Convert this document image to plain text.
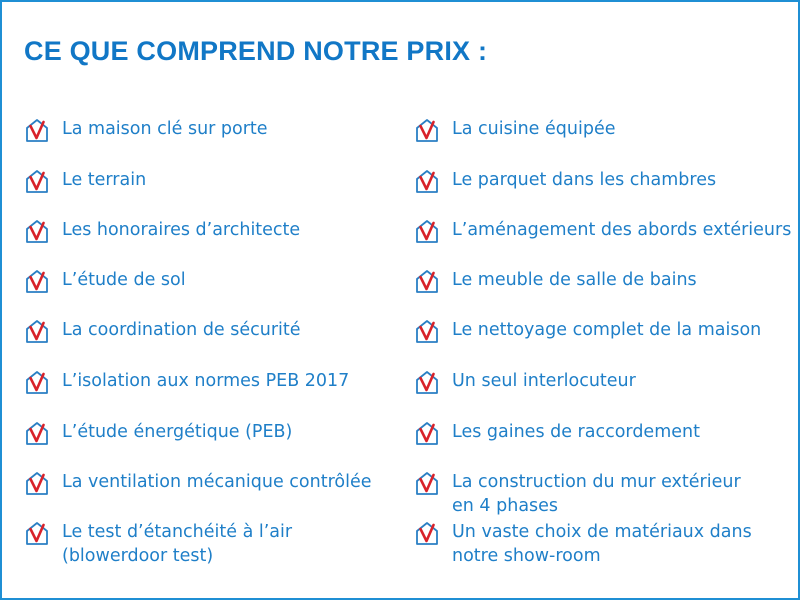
CE QUE COMPREND NOTRE PRIX :
La maison clé sur porte
Le terrain
Les honoraires d’architecte
L’étude de sol
La coordination de sécurité
L’isolation aux normes PEB 2017
L’étude énergétique (PEB)
La ventilation mécanique contrôlée
Le test d’étanchéité à l’air
(blowerdoor test)
La cuisine équipée
Le parquet dans les chambres
L’aménagement des abords extérieurs
Le meuble de salle de bains
Le nettoyage complet de la maison
Un seul interlocuteur
Les gaines de raccordement
La construction du mur extérieur
en 4 phases
Un vaste choix de matériaux dans
notre show-room
